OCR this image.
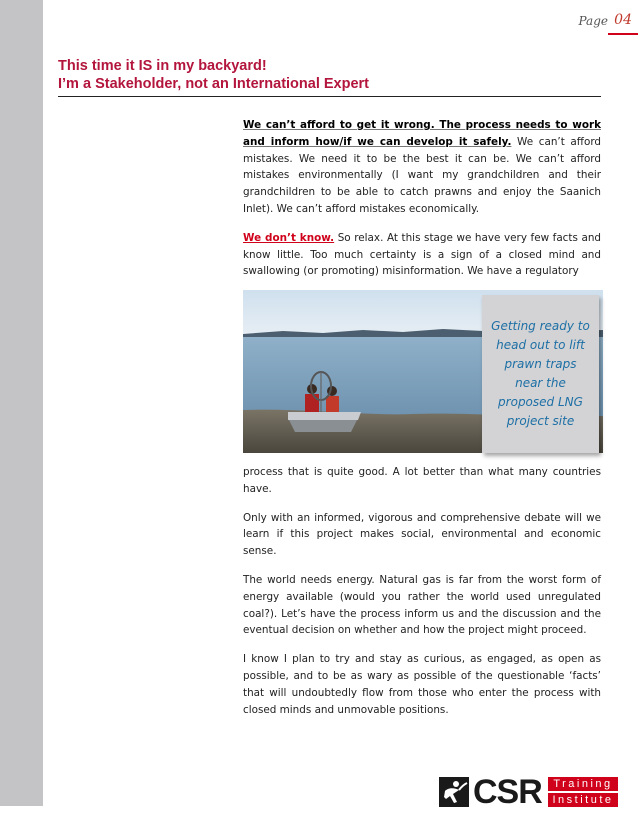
Page 04
This time it IS in my backyard!
I’m a Stakeholder, not an International Expert

We can’t afford to get it wrong. The process needs to work and inform how/if we can develop it safely. We can’t afford mistakes. We need it to be the best it can be. We can’t afford mistakes environmentally (I want my grandchildren and their grandchildren to be able to catch prawns and enjoy the Saanich Inlet). We can’t afford mistakes economically.

We don’t know. So relax. At this stage we have very few facts and know little. Too much certainty is a sign of a closed mind and swallowing (or promoting) misinformation. We have a regulatory

Getting ready to head out to lift prawn traps near the proposed LNG project site

process that is quite good. A lot better than what many countries have.

Only with an informed, vigorous and comprehensive debate will we learn if this project makes social, environmental and economic sense.

The world needs energy. Natural gas is far from the worst form of energy available (would you rather the world used unregulated coal?). Let’s have the process inform us and the discussion and the eventual decision on whether and how the project might proceed.

I know I plan to try and stay as curious, as engaged, as open as possible, and to be as wary as possible of the questionable ‘facts’ that will undoubtedly flow from those who enter the process with closed minds and unmovable positions.

CSR	Training
Institute
